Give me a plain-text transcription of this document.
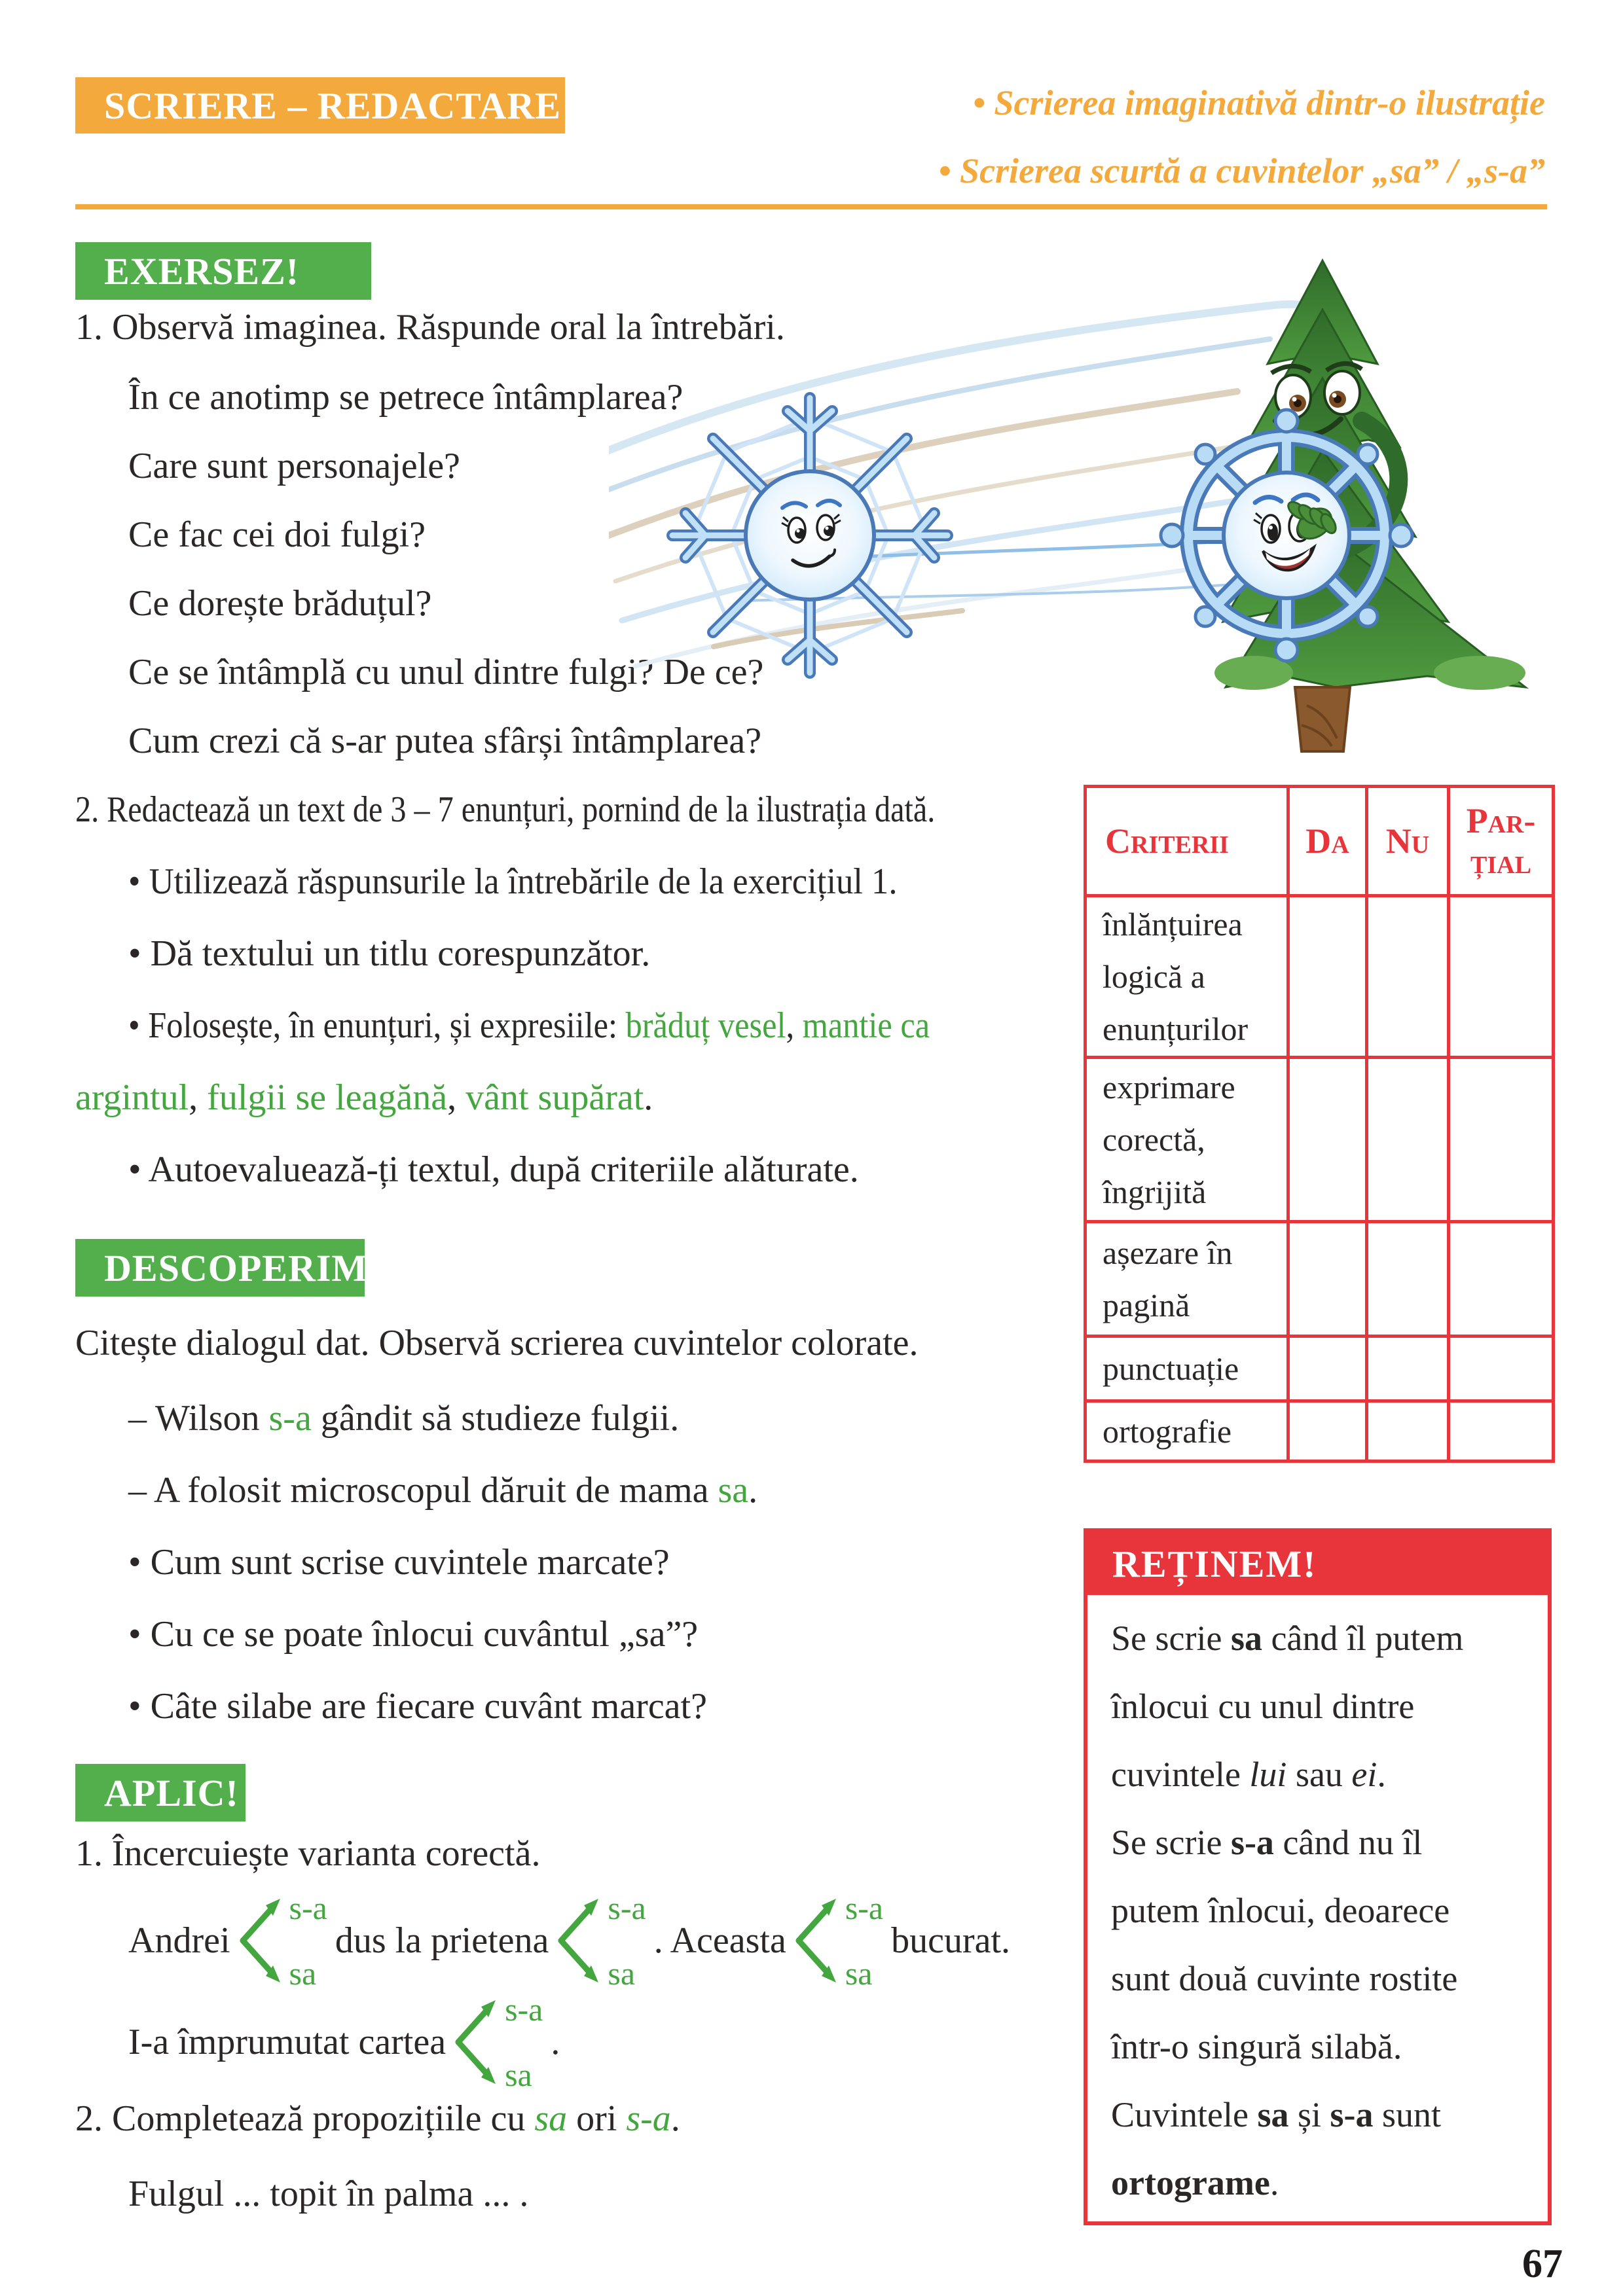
SCRIERE – REDACTARE	• Scrierea imaginativă dintr-o ilustrație
• Scrierea scurtă a cuvintelor „sa” / „s-a”
EXERSEZ!
1. Observă imaginea. Răspunde oral la întrebări.
În ce anotimp se petrece întâmplarea?
Care sunt personajele?
Ce fac cei doi fulgi?
Ce dorește brăduțul?
Ce se întâmplă cu unul dintre fulgi? De ce?
Cum crezi că s-ar putea sfârși întâmplarea?
2. Redactează un text de 3 – 7 enunțuri, pornind de la ilustrația dată.
• Utilizează răspunsurile la întrebările de la exercițiul 1.
• Dă textului un titlu corespunzător.
• Folosește, în enunțuri, și expresiile: brăduț vesel, mantie ca
argintul, fulgii se leagănă, vânt supărat.
• Autoevaluează-ți textul, după criteriile alăturate.
Criterii	Da	Nu	Par-țial
înlănțuirea logică a enunțurilor			
exprimare corectă, îngrijită			
așezare în pagină			
punctuație			
ortografie			
DESCOPERIM!
Citește dialogul dat. Observă scrierea cuvintelor colorate.
– Wilson s-a gândit să studieze fulgii.
– A folosit microscopul dăruit de mama sa.
• Cum sunt scrise cuvintele marcate?
• Cu ce se poate înlocui cuvântul „sa”?
• Câte silabe are fiecare cuvânt marcat?
REȚINEM!
Se scrie sa când îl putem
înlocui cu unul dintre
cuvintele lui sau ei.
Se scrie s-a când nu îl
putem înlocui, deoarece
sunt două cuvinte rostite
într-o singură silabă.
Cuvintele sa și s-a sunt
ortograme.
APLIC!
1. Încercuiește varianta corectă.
Andrei
s-a
sa
dus la prietena
s-a
sa
. Aceasta
s-a
sa
bucurat.
I-a împrumutat cartea
s-a
sa
.
2. Completează propozițiile cu sa ori s-a.
Fulgul ... topit în palma ... .
67
